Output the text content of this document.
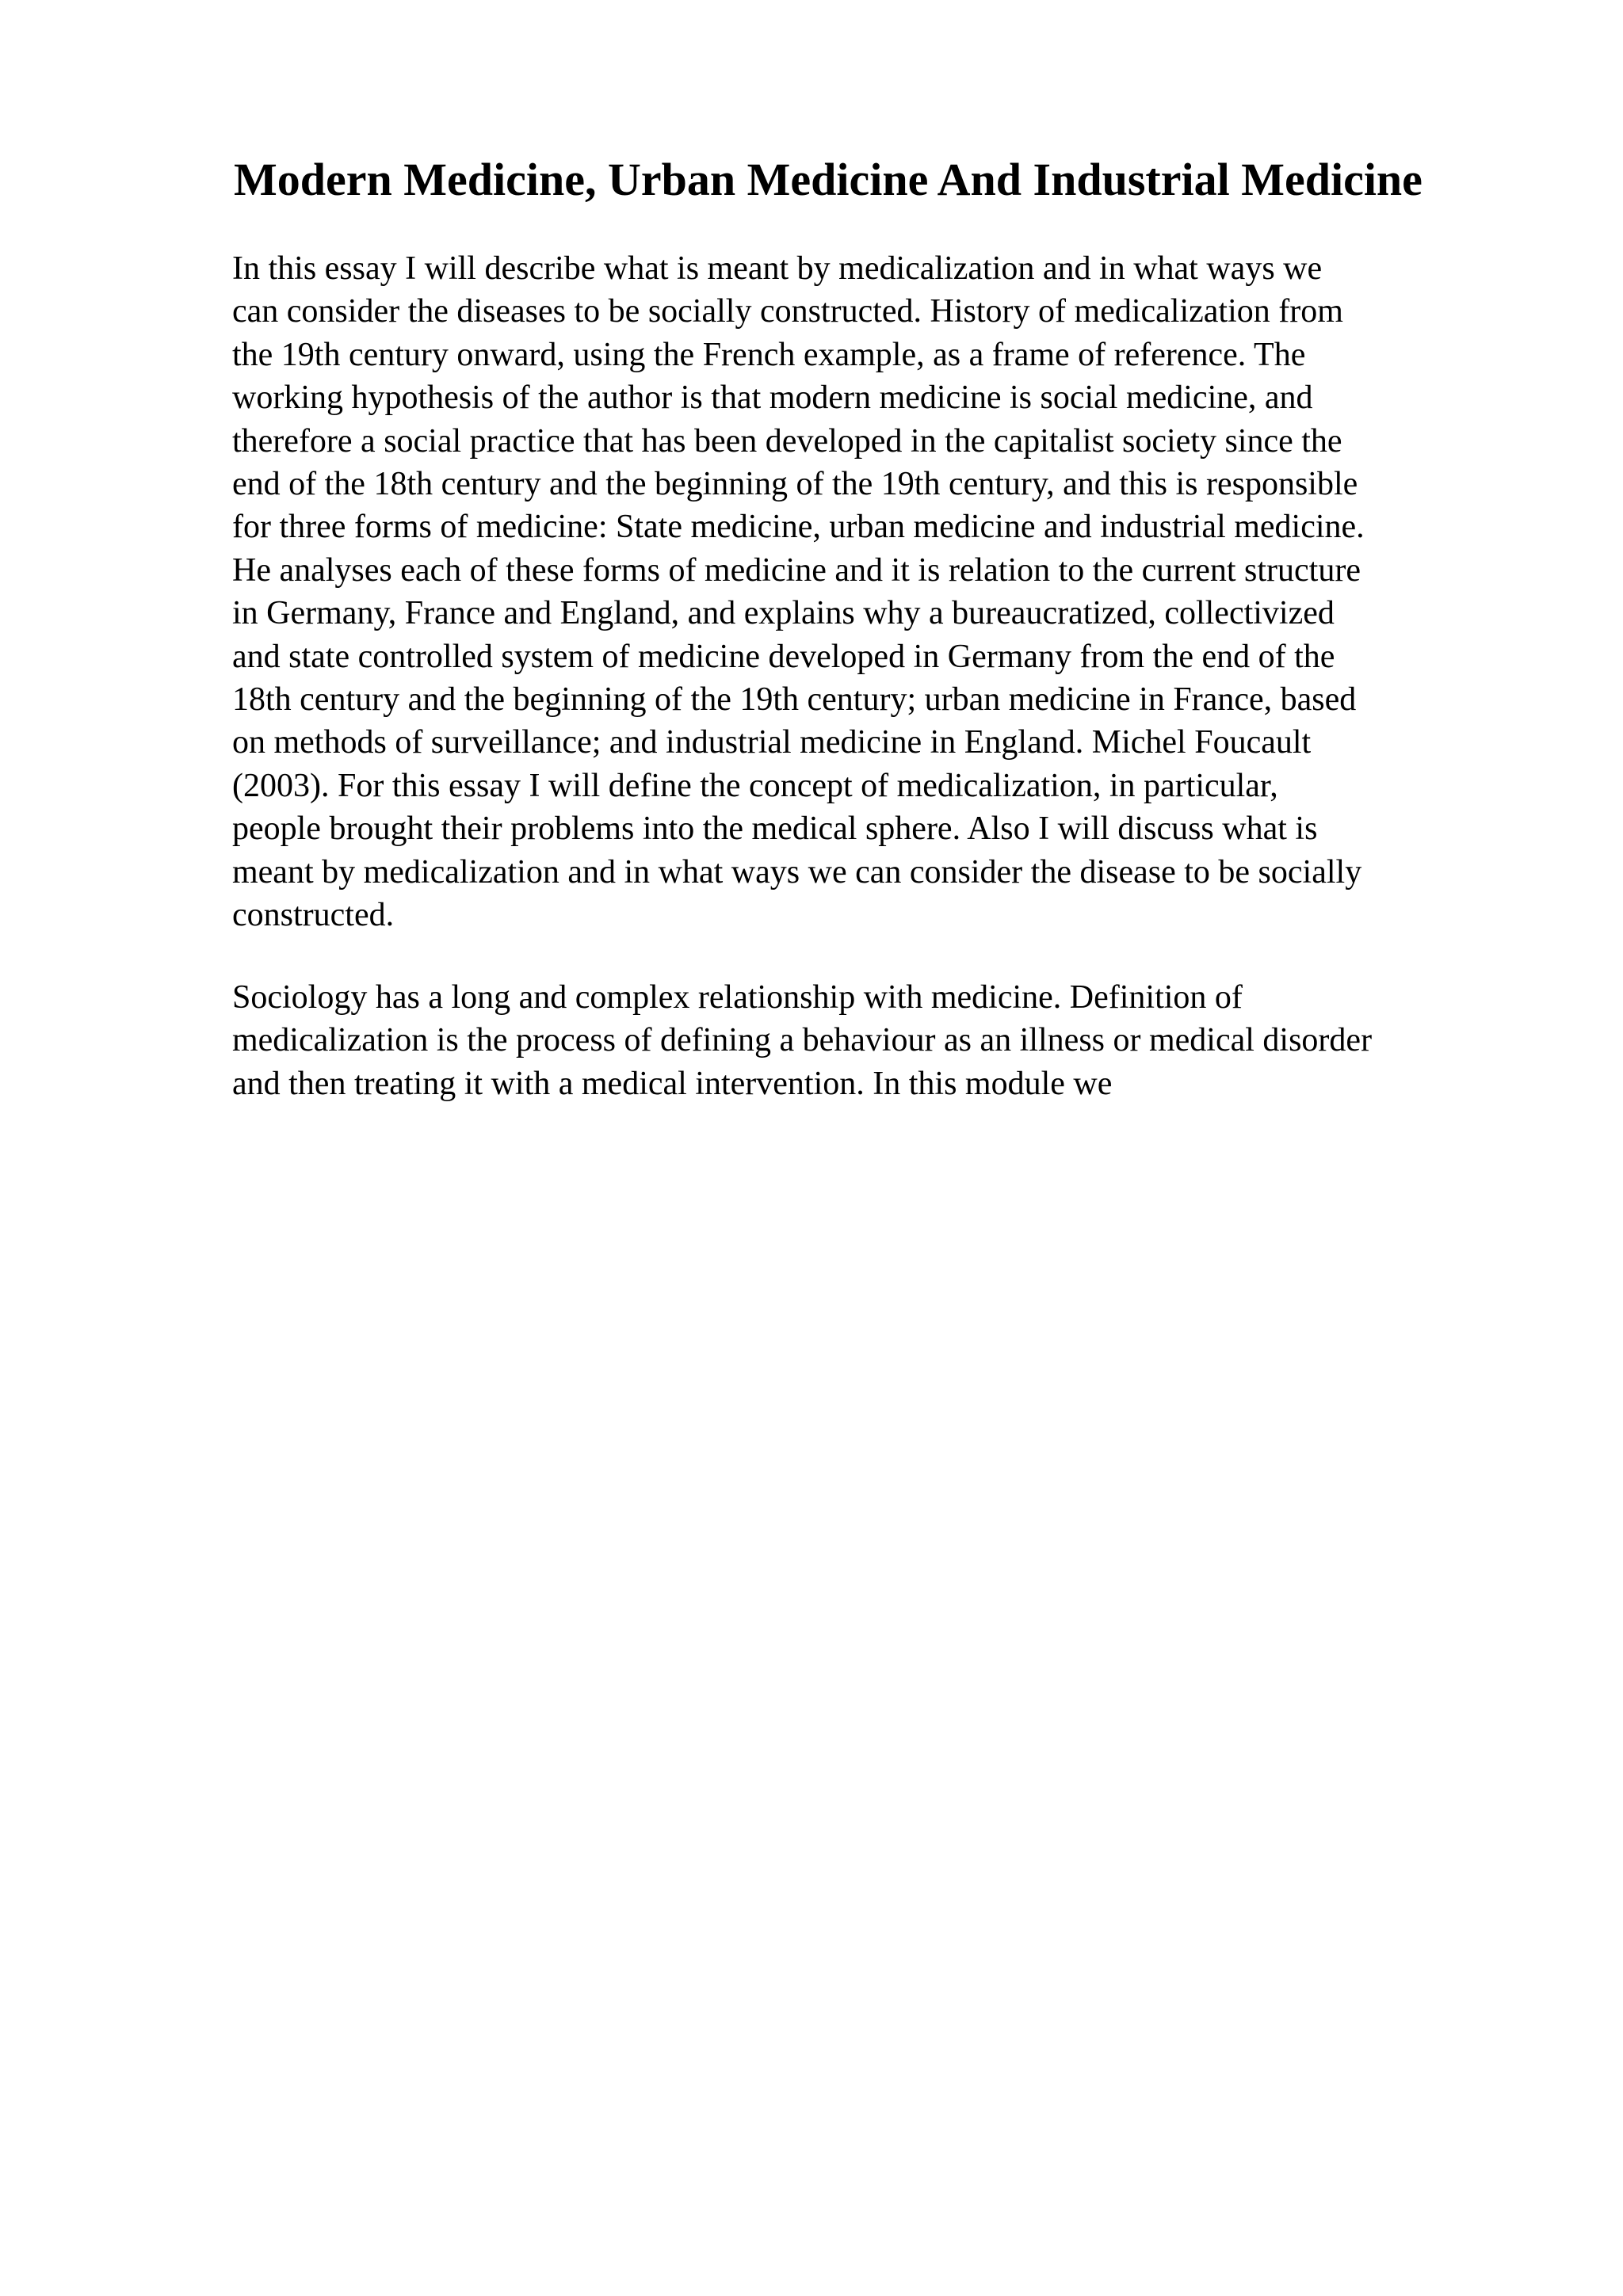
Modern Medicine, Urban Medicine And Industrial Medicine
In this essay I will describe what is meant by medicalization and in what ways we
can consider the diseases to be socially constructed. History of medicalization from
the 19th century onward, using the French example, as a frame of reference. The
working hypothesis of the author is that modern medicine is social medicine, and
therefore a social practice that has been developed in the capitalist society since the
end of the 18th century and the beginning of the 19th century, and this is responsible
for three forms of medicine: State medicine, urban medicine and industrial medicine.
He analyses each of these forms of medicine and it is relation to the current structure
in Germany, France and England, and explains why a bureaucratized, collectivized
and state controlled system of medicine developed in Germany from the end of the
18th century and the beginning of the 19th century; urban medicine in France, based
on methods of surveillance; and industrial medicine in England. Michel Foucault
(2003). For this essay I will define the concept of medicalization, in particular,
people brought their problems into the medical sphere. Also I will discuss what is
meant by medicalization and in what ways we can consider the disease to be socially
constructed.
Sociology has a long and complex relationship with medicine. Definition of
medicalization is the process of defining a behaviour as an illness or medical disorder
and then treating it with a medical intervention. In this module we
